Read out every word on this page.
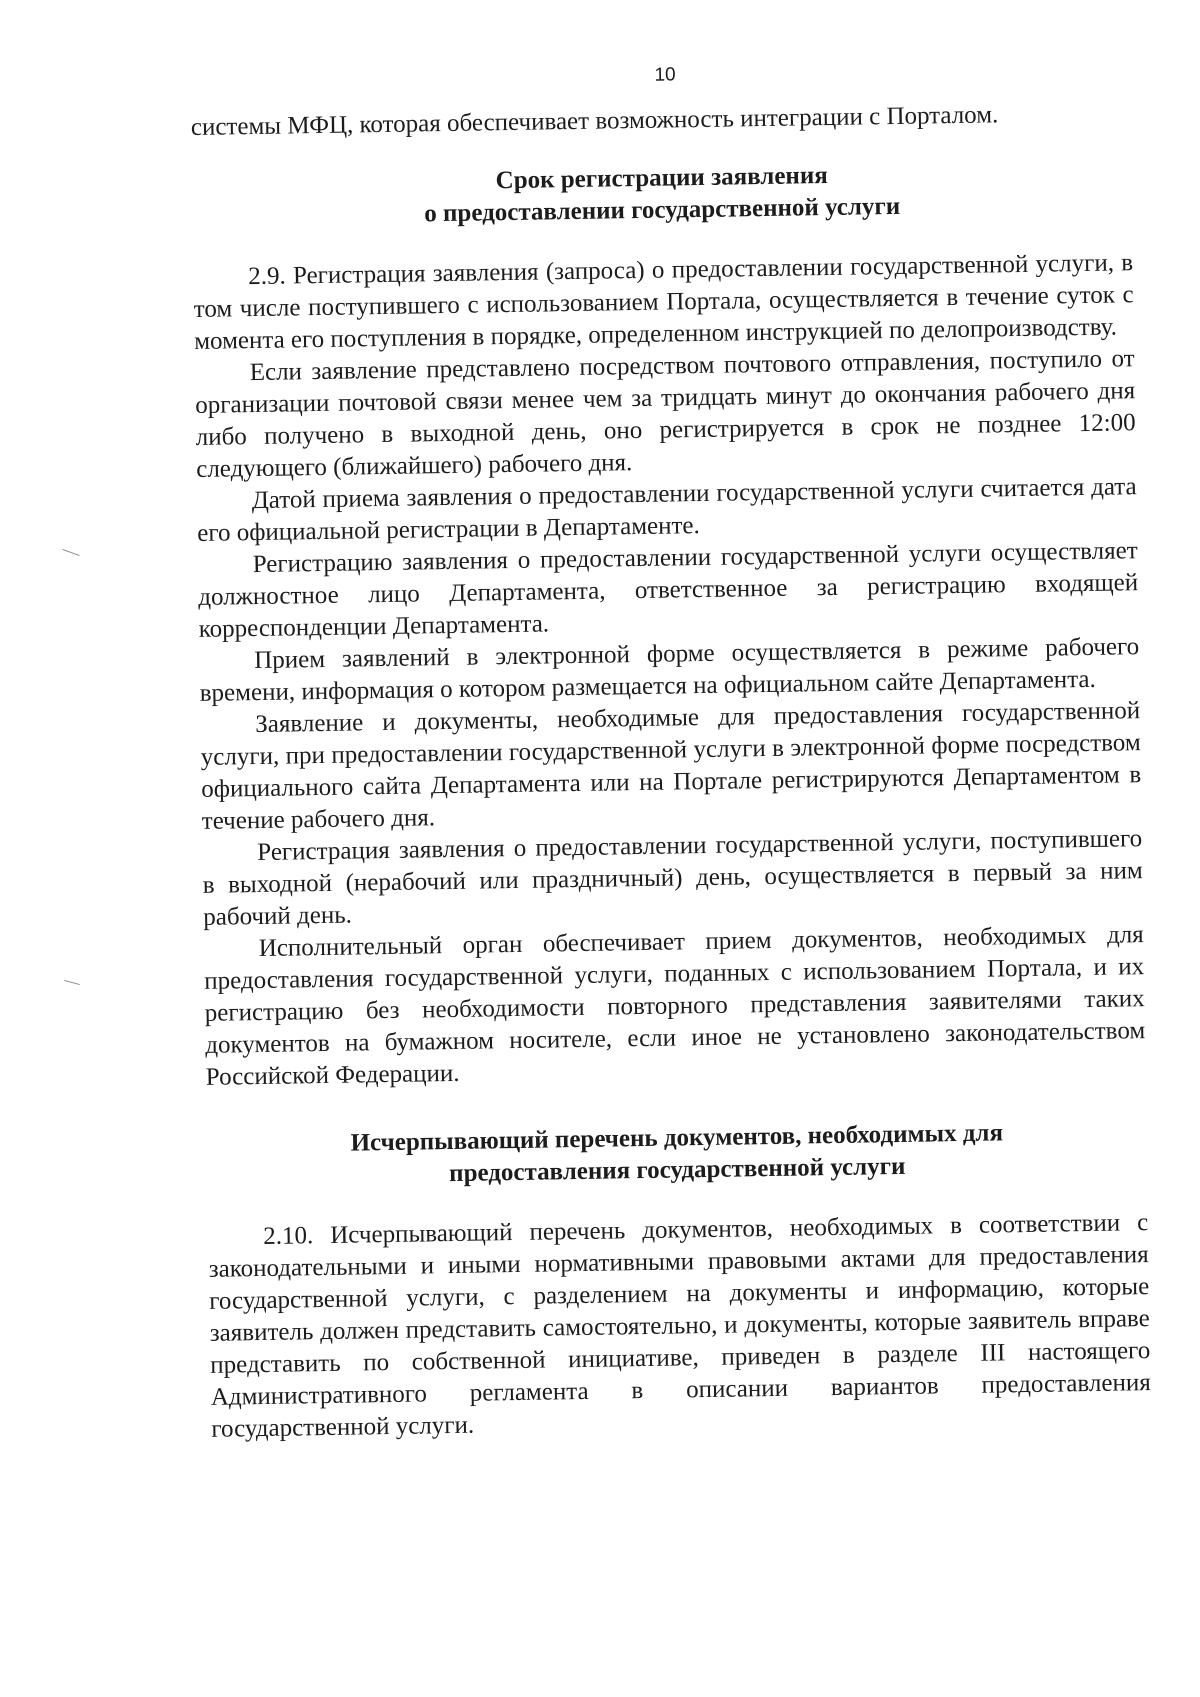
10

системы МФЦ, которая обеспечивает возможность интеграции с Порталом.

Срок регистрации заявления
о предоставлении государственной услуги

2.9. Регистрация заявления (запроса) о предоставлении государственной услуги, в том числе поступившего с использованием Портала, осуществляется в течение суток с момента его поступления в порядке, определенном инструкцией по делопроизводству.

Если заявление представлено посредством почтового отправления, поступило от организации почтовой связи менее чем за тридцать минут до окончания рабочего дня либо получено в выходной день, оно регистрируется в срок не позднее 12:00 следующего (ближайшего) рабочего дня.

Датой приема заявления о предоставлении государственной услуги считается дата его официальной регистрации в Департаменте.

Регистрацию заявления о предоставлении государственной услуги осуществляет должностное лицо Департамента, ответственное за регистрацию входящей корреспонденции Департамента.

Прием заявлений в электронной форме осуществляется в режиме рабочего времени, информация о котором размещается на официальном сайте Департамента.

Заявление и документы, необходимые для предоставления государственной услуги, при предоставлении государственной услуги в электронной форме посредством официального сайта Департамента или на Портале регистрируются Департаментом в течение рабочего дня.

Регистрация заявления о предоставлении государственной услуги, поступившего в выходной (нерабочий или праздничный) день, осуществляется в первый за ним рабочий день.

Исполнительный орган обеспечивает прием документов, необходимых для предоставления государственной услуги, поданных с использованием Портала, и их регистрацию без необходимости повторного представления заявителями таких документов на бумажном носителе, если иное не установлено законодательством Российской Федерации.

Исчерпывающий перечень документов, необходимых для
предоставления государственной услуги

2.10. Исчерпывающий перечень документов, необходимых в соответствии с законодательными и иными нормативными правовыми актами для предоставления государственной услуги, с разделением на документы и информацию, которые заявитель должен представить самостоятельно, и документы, которые заявитель вправе представить по собственной инициативе, приведен в разделе III настоящего Административного регламента в описании вариантов предоставления государственной услуги.
